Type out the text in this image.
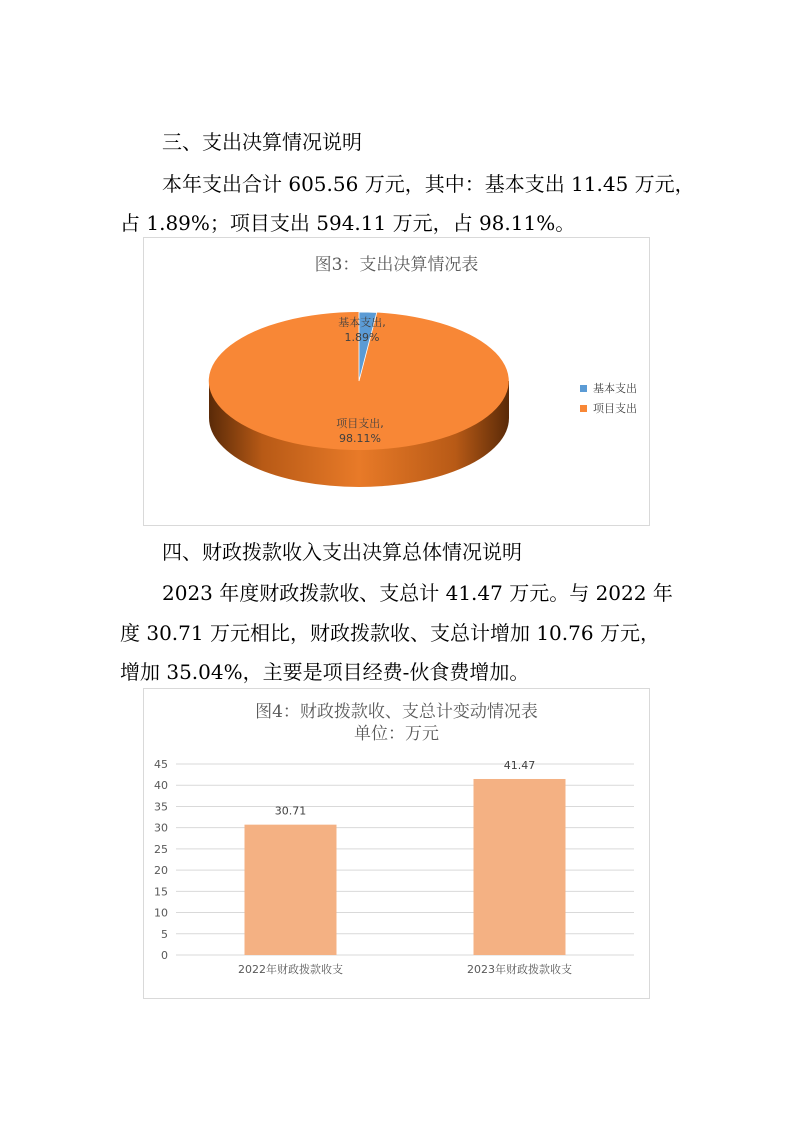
三、支出决算情况说明
本年支出合计 605.56 万元，其中：基本支出 11.45 万元，
占 1.89%；项目支出 594.11 万元，占 98.11%。
图3：支出决算情况表
基本支出,
1.89%
项目支出,
98.11%
基本支出
项目支出
四、财政拨款收入支出决算总体情况说明
2023 年度财政拨款收、支总计 41.47 万元。与 2022 年
度 30.71 万元相比，财政拨款收、支总计增加 10.76 万元，
增加 35.04%，主要是项目经费-伙食费增加。
图4：财政拨款收、支总计变动情况表
单位：万元
0
5
10
15
20
25
30
35
40
45
30.71
2022年财政拨款收支
41.47
2023年财政拨款收支
